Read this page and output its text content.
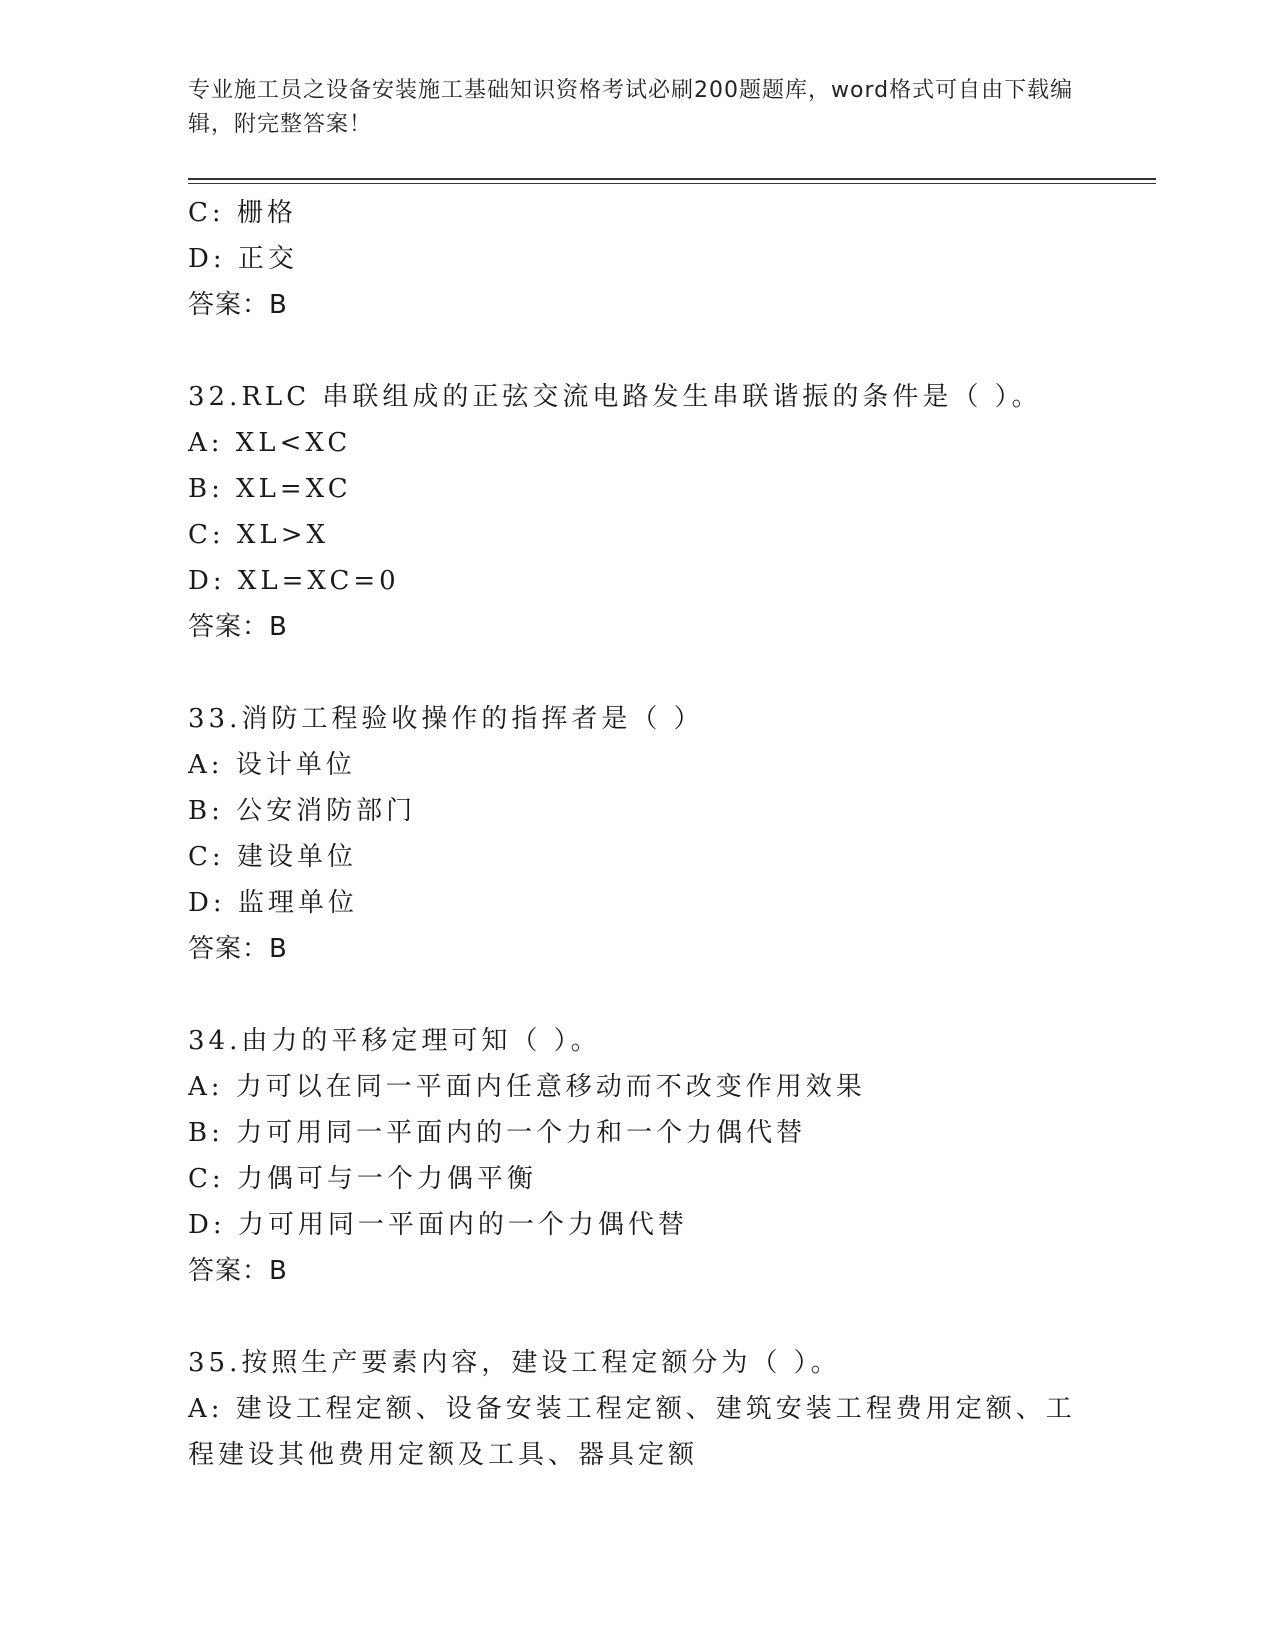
专业施工员之设备安装施工基础知识资格考试必刷200题题库，word格式可自由下载编辑，附完整答案！
C: 栅格
D: 正交
答案：B
32.RLC 串联组成的正弦交流电路发生串联谐振的条件是（ ）。
A: XL<XC
B: XL=XC
C: XL>X
D: XL=XC=0
答案：B
33.消防工程验收操作的指挥者是（ ）
A: 设计单位
B: 公安消防部门
C: 建设单位
D: 监理单位
答案：B
34.由力的平移定理可知（ ）。
A: 力可以在同一平面内任意移动而不改变作用效果
B: 力可用同一平面内的一个力和一个力偶代替
C: 力偶可与一个力偶平衡
D: 力可用同一平面内的一个力偶代替
答案：B
35.按照生产要素内容，建设工程定额分为（ ）。
A: 建设工程定额、设备安装工程定额、建筑安装工程费用定额、工程建设其他费用定额及工具、器具定额
